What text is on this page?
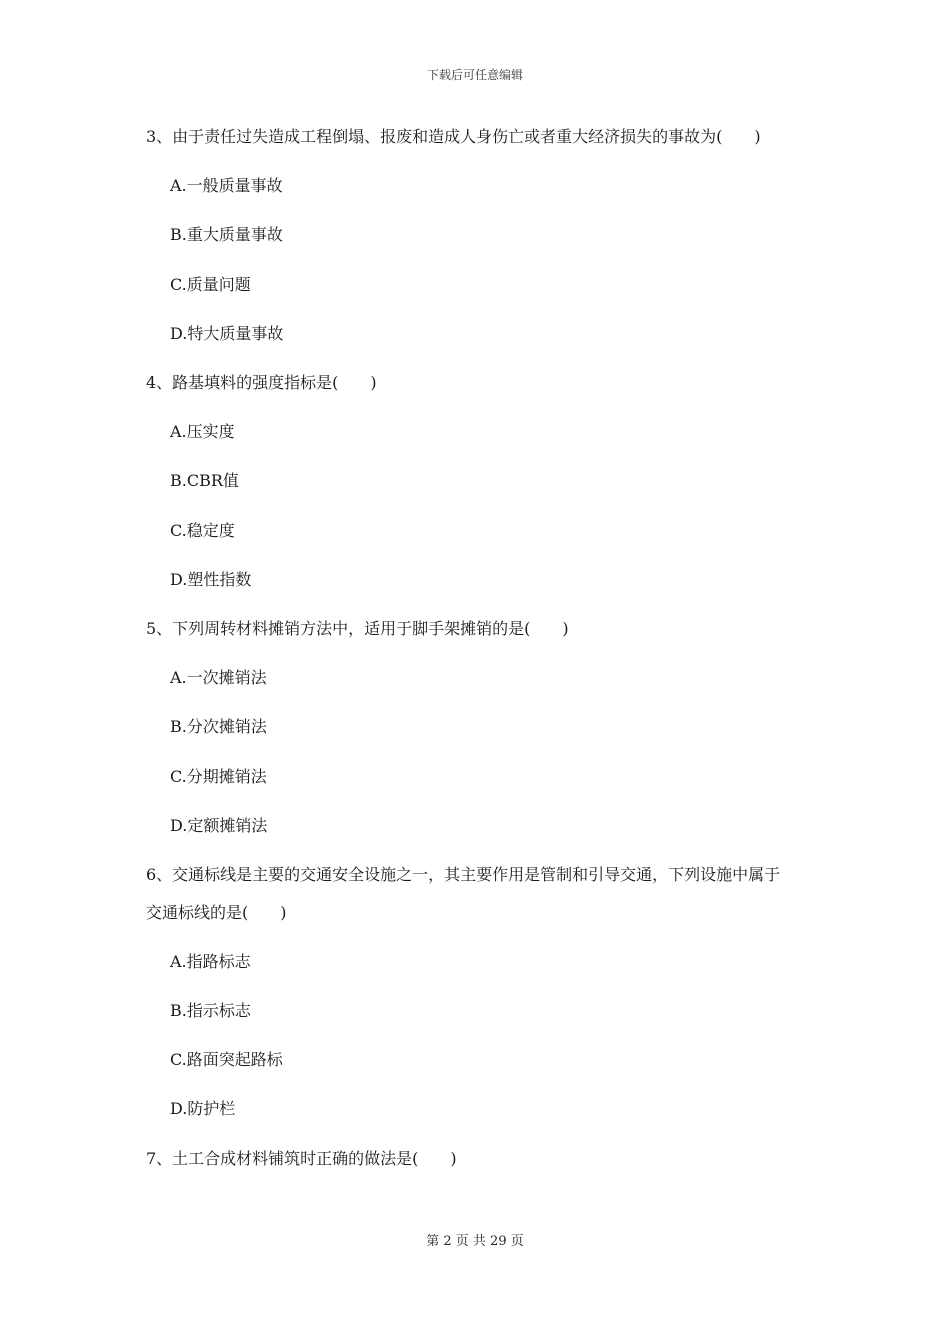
下载后可任意编辑
3、由于责任过失造成工程倒塌、报废和造成人身伤亡或者重大经济损失的事故为(　　)
A.一般质量事故
B.重大质量事故
C.质量问题
D.特大质量事故
4、路基填料的强度指标是(　　)
A.压实度
B.CBR值
C.稳定度
D.塑性指数
5、下列周转材料摊销方法中，适用于脚手架摊销的是(　　)
A.一次摊销法
B.分次摊销法
C.分期摊销法
D.定额摊销法
6、交通标线是主要的交通安全设施之一，其主要作用是管制和引导交通，下列设施中属于
交通标线的是(　　)
A.指路标志
B.指示标志
C.路面突起路标
D.防护栏
7、土工合成材料铺筑时正确的做法是(　　)
第 2 页 共 29 页
